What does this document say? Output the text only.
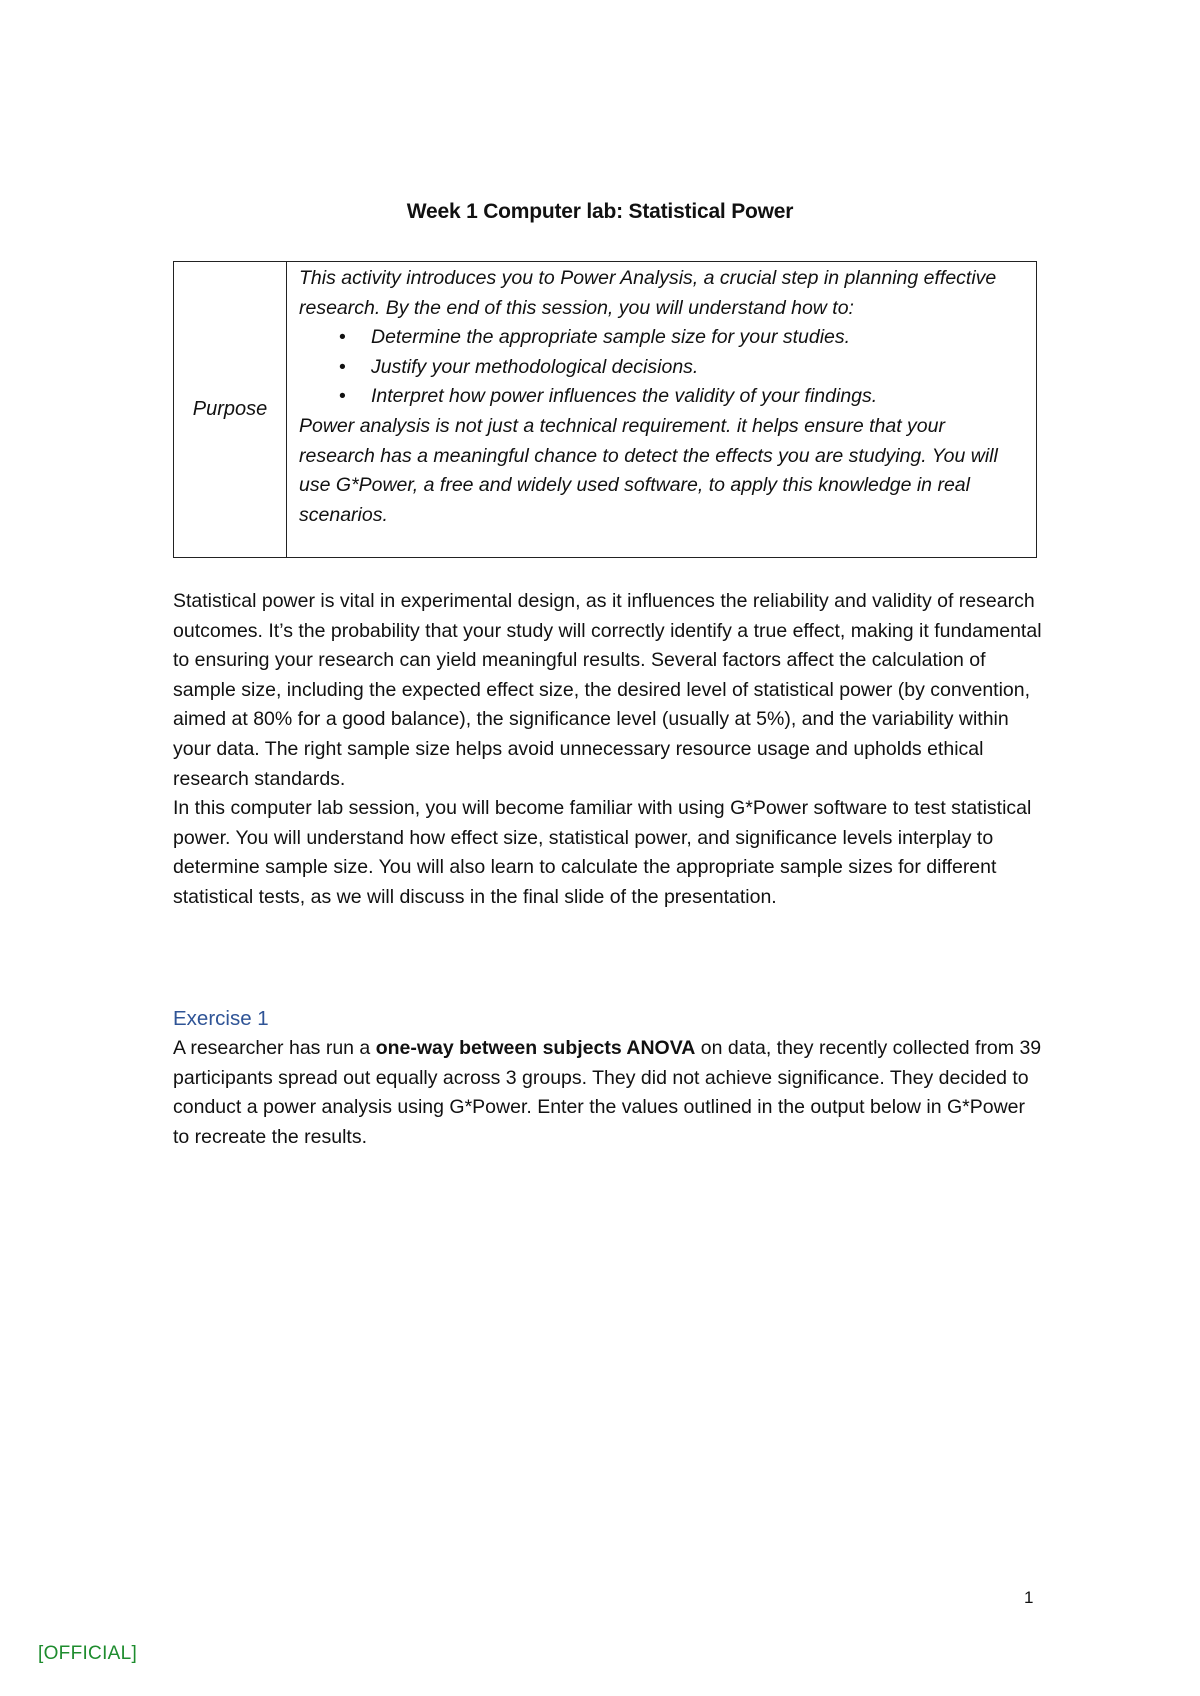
Week 1 Computer lab: Statistical Power
Purpose

This activity introduces you to Power Analysis, a crucial step in planning effective research. By the end of this session, you will understand how to:

• Determine the appropriate sample size for your studies.
• Justify your methodological decisions.
• Interpret how power influences the validity of your findings.

Power analysis is not just a technical requirement. it helps ensure that your research has a meaningful chance to detect the effects you are studying. You will use G*Power, a free and widely used software, to apply this knowledge in real scenarios.

Statistical power is vital in experimental design, as it influences the reliability and validity of research outcomes. It’s the probability that your study will correctly identify a true effect, making it fundamental to ensuring your research can yield meaningful results. Several factors affect the calculation of sample size, including the expected effect size, the desired level of statistical power (by convention, aimed at 80% for a good balance), the significance level (usually at 5%), and the variability within your data. The right sample size helps avoid unnecessary resource usage and upholds ethical research standards.

In this computer lab session, you will become familiar with using G*Power software to test statistical power. You will understand how effect size, statistical power, and significance levels interplay to determine sample size. You will also learn to calculate the appropriate sample sizes for different statistical tests, as we will discuss in the final slide of the presentation.

Exercise 1

A researcher has run a one-way between subjects ANOVA on data, they recently collected from 39 participants spread out equally across 3 groups. They did not achieve significance. They decided to conduct a power analysis using G*Power. Enter the values outlined in the output below in G*Power to recreate the results.

1
[OFFICIAL]
